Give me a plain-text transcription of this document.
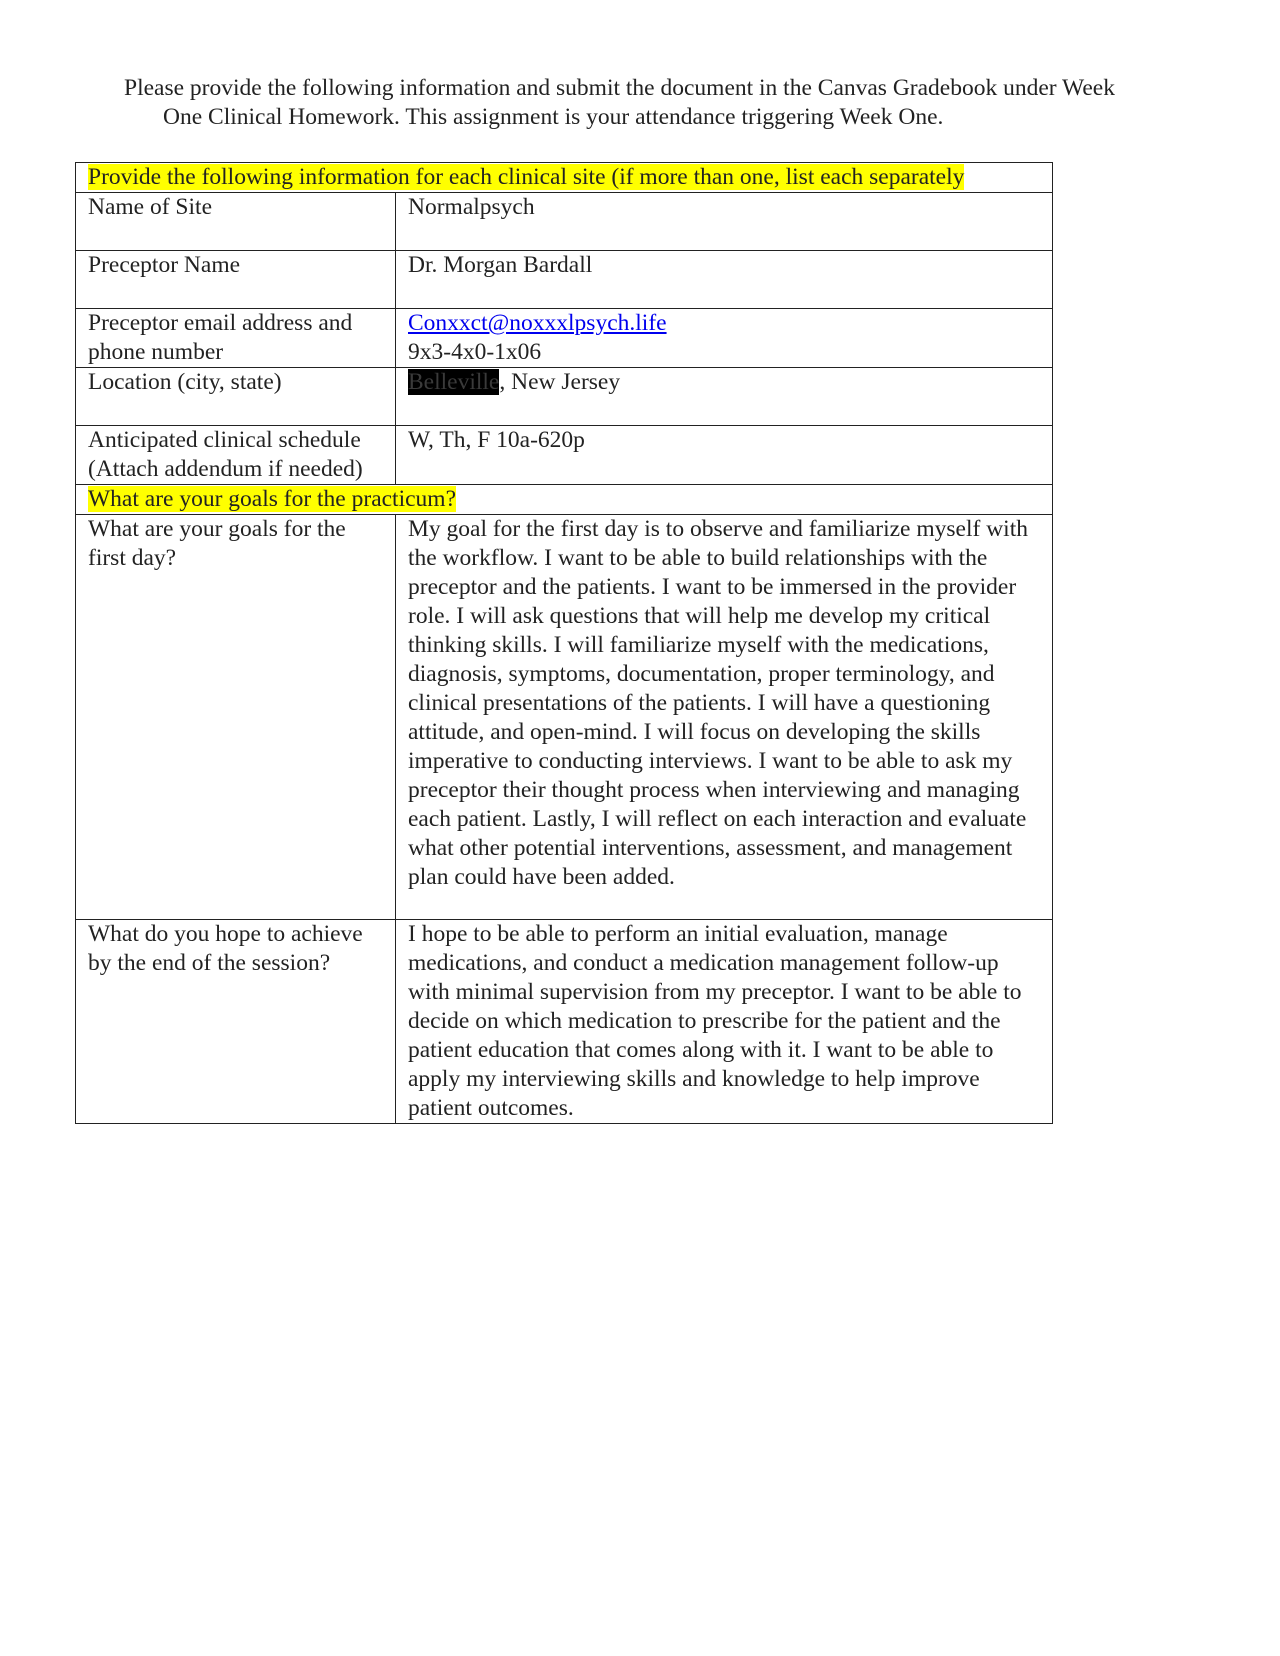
Please provide the following information and submit the document in the Canvas Gradebook under Week
One Clinical Homework. This assignment is your attendance triggering Week One.
Provide the following information for each clinical site (if more than one, list each separately	
Name of Site	Normalpsych
Preceptor Name	Dr. Morgan Bardall
Preceptor email address and phone number	Conxxct@noxxxlpsych.life
9x3-4x0-1x06
Location (city, state)	Belleville, New Jersey
Anticipated clinical schedule (Attach addendum if needed)	W, Th, F 10a-620p
What are your goals for the practicum?	
What are your goals for the first day?	My goal for the first day is to observe and familiarize myself with the workflow. I want to be able to build relationships with the preceptor and the patients. I want to be immersed in the provider role. I will ask questions that will help me develop my critical thinking skills. I will familiarize myself with the medications, diagnosis, symptoms, documentation, proper terminology, and clinical presentations of the patients. I will have a questioning attitude, and open-mind. I will focus on developing the skills imperative to conducting interviews. I want to be able to ask my preceptor their thought process when interviewing and managing each patient. Lastly, I will reflect on each interaction and evaluate what other potential interventions, assessment, and management plan could have been added.
What do you hope to achieve by the end of the session?	I hope to be able to perform an initial evaluation, manage medications, and conduct a medication management follow-up with minimal supervision from my preceptor. I want to be able to decide on which medication to prescribe for the patient and the patient education that comes along with it. I want to be able to apply my interviewing skills and knowledge to help improve patient outcomes.
